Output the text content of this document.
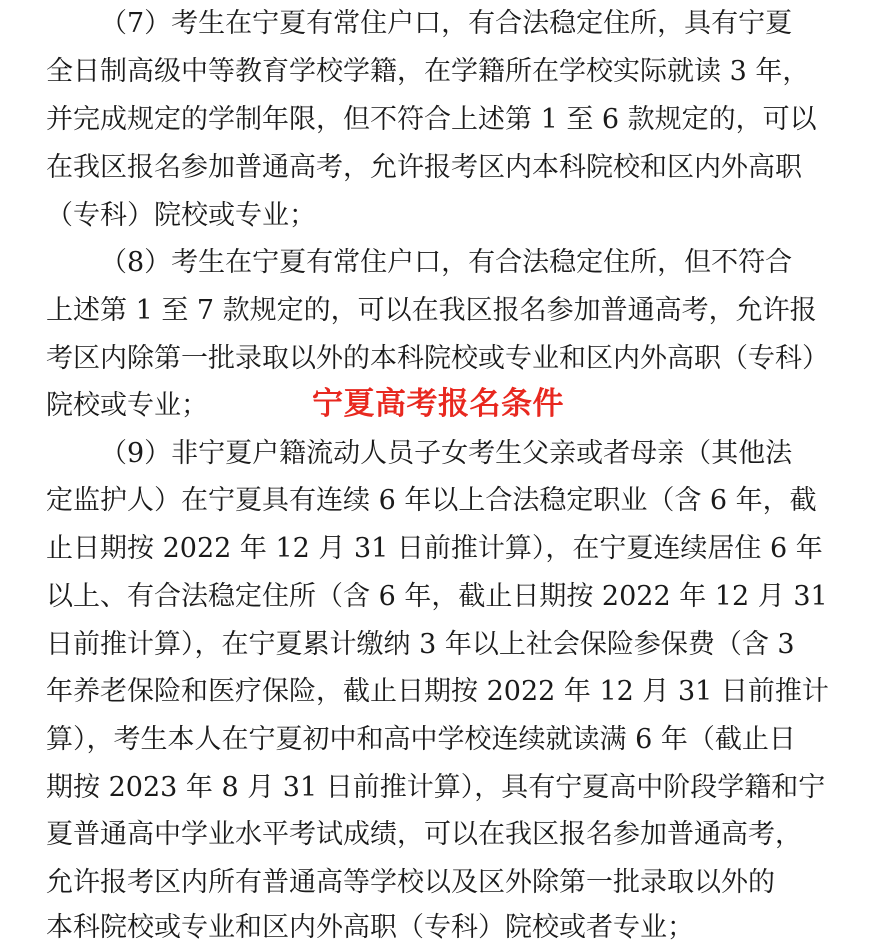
（7）考生在宁夏有常住户口，有合法稳定住所，具有宁夏
全日制高级中等教育学校学籍，在学籍所在学校实际就读 3 年，
并完成规定的学制年限，但不符合上述第 1 至 6 款规定的，可以
在我区报名参加普通高考，允许报考区内本科院校和区内外高职
（专科）院校或专业；
（8）考生在宁夏有常住户口，有合法稳定住所，但不符合
上述第 1 至 7 款规定的，可以在我区报名参加普通高考，允许报
考区内除第一批录取以外的本科院校或专业和区内外高职（专科）
院校或专业；	宁夏高考报名条件
（9）非宁夏户籍流动人员子女考生父亲或者母亲（其他法
定监护人）在宁夏具有连续 6 年以上合法稳定职业（含 6 年，截
止日期按 2022 年 12 月 31 日前推计算），在宁夏连续居住 6 年
以上、有合法稳定住所（含 6 年，截止日期按 2022 年 12 月 31
日前推计算），在宁夏累计缴纳 3 年以上社会保险参保费（含 3
年养老保险和医疗保险，截止日期按 2022 年 12 月 31 日前推计
算），考生本人在宁夏初中和高中学校连续就读满 6 年（截止日
期按 2023 年 8 月 31 日前推计算），具有宁夏高中阶段学籍和宁
夏普通高中学业水平考试成绩，可以在我区报名参加普通高考，
允许报考区内所有普通高等学校以及区外除第一批录取以外的
本科院校或专业和区内外高职（专科）院校或者专业；
